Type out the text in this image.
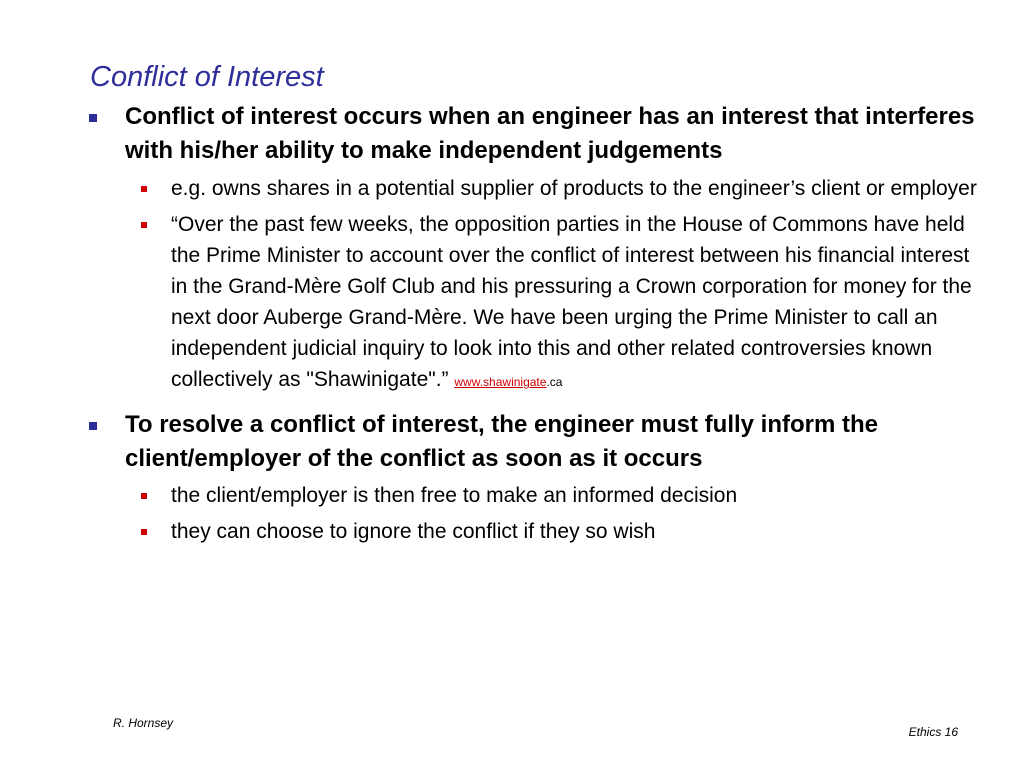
Conflict of Interest
Conflict of interest occurs when an engineer has an interest that interferes with his/her ability to make independent judgements
e.g. owns shares in a potential supplier of products to the engineer’s client or employer
“Over the past few weeks, the opposition parties in the House of Commons have held the Prime Minister to account over the conflict of interest between his financial interest in the Grand-Mère Golf Club and his pressuring a Crown corporation for money for the next door Auberge Grand-Mère. We have been urging the Prime Minister to call an independent judicial inquiry to look into this and other related controversies known collectively as "Shawinigate".” www.shawinigate.ca
To resolve a conflict of interest, the engineer must fully inform the client/employer of the conflict as soon as it occurs
the client/employer is then free to make an informed decision
they can choose to ignore the conflict if they so wish
R. Hornsey
Ethics 16
